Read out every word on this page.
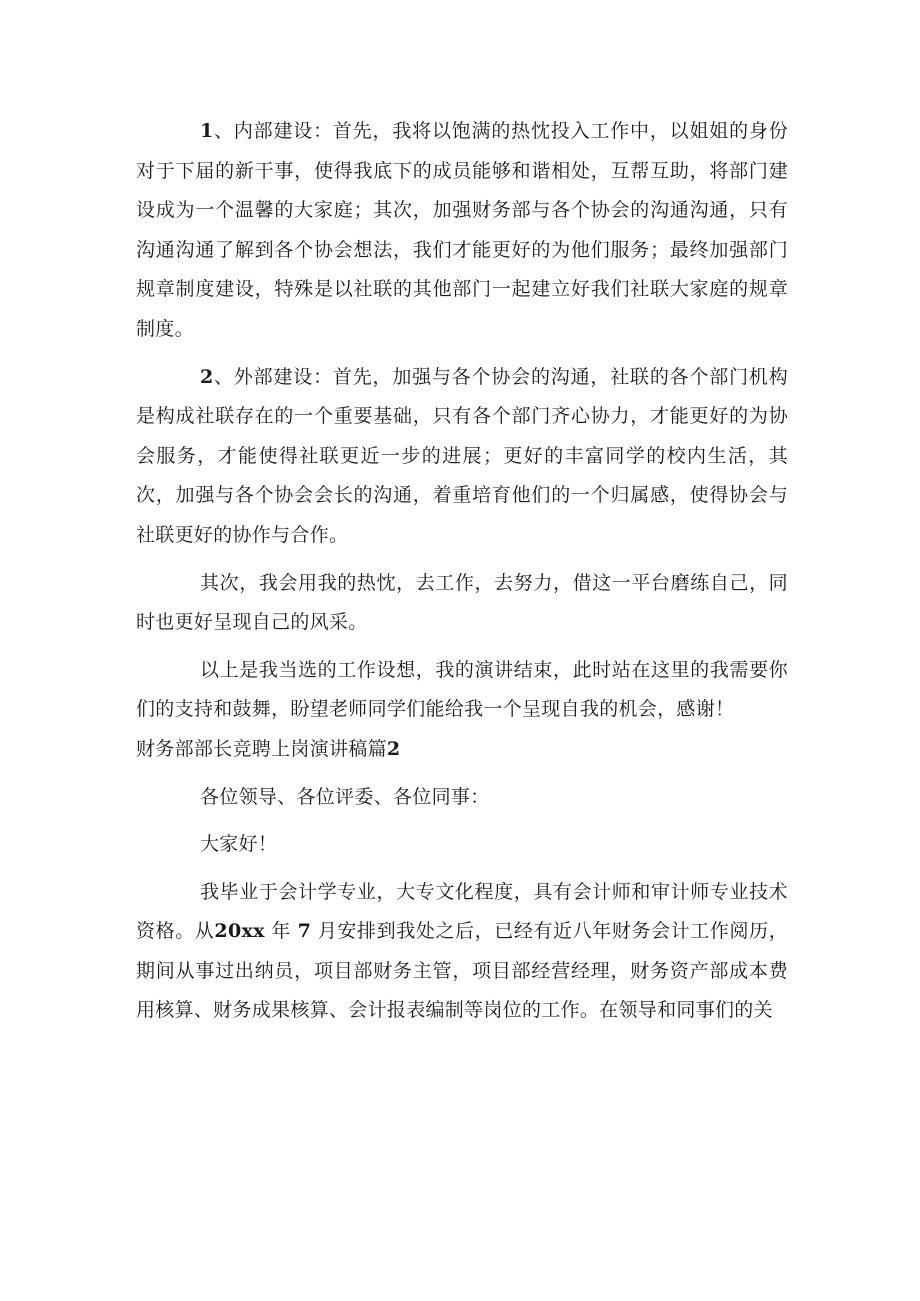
1、内部建设：首先，我将以饱满的热忱投入工作中，以姐姐的身份对于下届的新干事，使得我底下的成员能够和谐相处，互帮互助，将部门建设成为一个温馨的大家庭；其次，加强财务部与各个协会的沟通沟通，只有沟通沟通了解到各个协会想法，我们才能更好的为他们服务；最终加强部门规章制度建设，特殊是以社联的其他部门一起建立好我们社联大家庭的规章制度。

2、外部建设：首先，加强与各个协会的沟通，社联的各个部门机构是构成社联存在的一个重要基础，只有各个部门齐心协力，才能更好的为协会服务，才能使得社联更近一步的进展；更好的丰富同学的校内生活，其次，加强与各个协会会长的沟通，着重培育他们的一个归属感，使得协会与社联更好的协作与合作。

其次，我会用我的热忱，去工作，去努力，借这一平台磨练自己，同时也更好呈现自己的风采。

以上是我当选的工作设想，我的演讲结束，此时站在这里的我需要你们的支持和鼓舞，盼望老师同学们能给我一个呈现自我的机会，感谢！

财务部部长竞聘上岗演讲稿篇2

各位领导、各位评委、各位同事：

大家好！

我毕业于会计学专业，大专文化程度，具有会计师和审计师专业技术资格。从20xx 年 7 月安排到我处之后，已经有近八年财务会计工作阅历，期间从事过出纳员，项目部财务主管，项目部经营经理，财务资产部成本费用核算、财务成果核算、会计报表编制等岗位的工作。在领导和同事们的关
